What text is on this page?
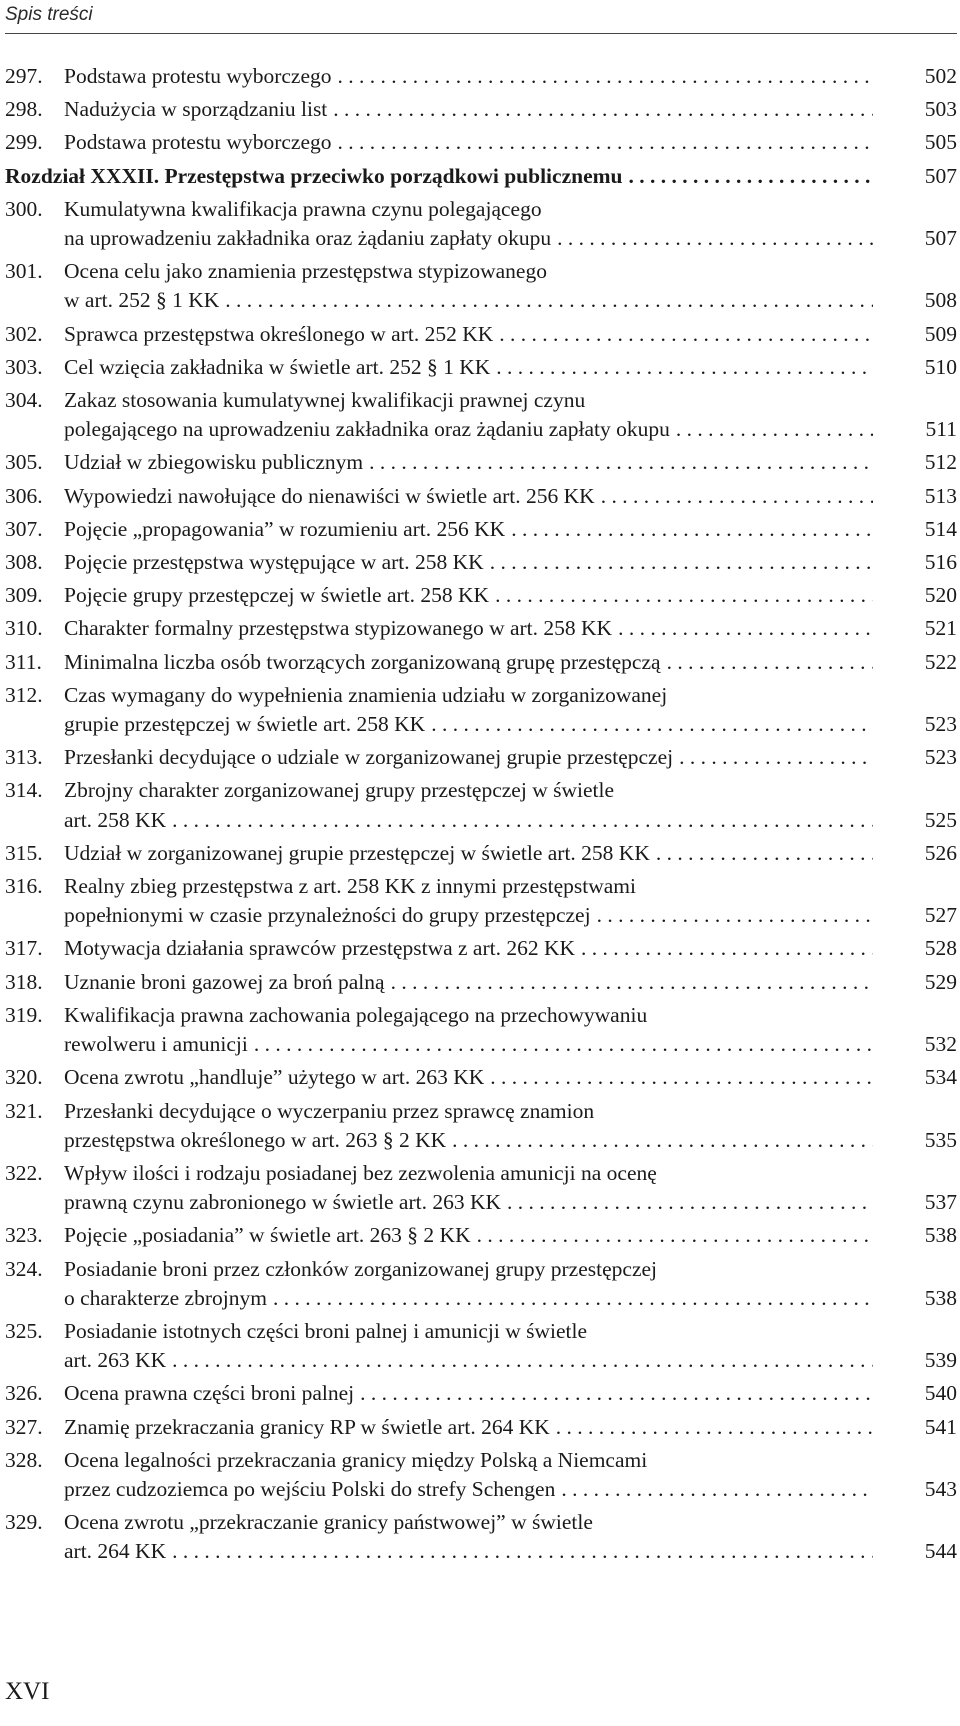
Spis treści
297. Podstawa protestu wyborczego . . .	502
298. Nadużycia w sporządzaniu list . . .	503
299. Podstawa protestu wyborczego . . .	505
Rozdział XXXII. Przestępstwa przeciwko porządkowi publicznemu . . .	507
300. Kumulatywna kwalifikacja prawna czynu polegającego
na uprowadzeniu zakładnika oraz żądaniu zapłaty okupu . . .	507
301. Ocena celu jako znamienia przestępstwa stypizowanego
w art. 252 § 1 KK . . .	508
302. Sprawca przestępstwa określonego w art. 252 KK . . .	509
303. Cel wzięcia zakładnika w świetle art. 252 § 1 KK . . .	510
304. Zakaz stosowania kumulatywnej kwalifikacji prawnej czynu
polegającego na uprowadzeniu zakładnika oraz żądaniu zapłaty okupu . . .	511
305. Udział w zbiegowisku publicznym . . .	512
306. Wypowiedzi nawołujące do nienawiści w świetle art. 256 KK . . .	513
307. Pojęcie „propagowania” w rozumieniu art. 256 KK . . .	514
308. Pojęcie przestępstwa występujące w art. 258 KK . . .	516
309. Pojęcie grupy przestępczej w świetle art. 258 KK . . .	520
310. Charakter formalny przestępstwa stypizowanego w art. 258 KK . . .	521
311.	Minimalna liczba osób tworzących zorganizowaną grupę przestępczą . . .	522
312. Czas wymagany do wypełnienia znamienia udziału w zorganizowanej
grupie przestępczej w świetle art. 258 KK . . .	523
313. Przesłanki decydujące o udziale w zorganizowanej grupie przestępczej . . .	523
314. Zbrojny charakter zorganizowanej grupy przestępczej w świetle
art. 258 KK . . .	525
315. Udział w zorganizowanej grupie przestępczej w świetle art. 258 KK . . .	526
316. Realny zbieg przestępstwa z art. 258 KK z innymi przestępstwami
popełnionymi w czasie przynależności do grupy przestępczej . . .	527
317. Motywacja działania sprawców przestępstwa z art. 262 KK . . .	528
318. Uznanie broni gazowej za broń palną . . .	529
319. Kwalifikacja prawna zachowania polegającego na przechowywaniu
rewolweru i amunicji . . .	532
320. Ocena zwrotu „handluje” użytego w art. 263 KK . . .	534
321. Przesłanki decydujące o wyczerpaniu przez sprawcę znamion
przestępstwa określonego w art. 263 § 2 KK . . .	535
322. Wpływ ilości i rodzaju posiadanej bez zezwolenia amunicji na ocenę
prawną czynu zabronionego w świetle art. 263 KK . . .	537
323. Pojęcie „posiadania” w świetle art. 263 § 2 KK . . .	538
324. Posiadanie broni przez członków zorganizowanej grupy przestępczej
o charakterze zbrojnym . . .	538
325. Posiadanie istotnych części broni palnej i amunicji w świetle
art. 263 KK . . .	539
326. Ocena prawna części broni palnej . . .	540
327. Znamię przekraczania granicy RP w świetle art. 264 KK . . .	541
328. Ocena legalności przekraczania granicy między Polską a Niemcami
przez cudzoziemca po wejściu Polski do strefy Schengen . . .	543
329. Ocena zwrotu „przekraczanie granicy państwowej” w świetle
art. 264 KK . . .	544
XVI
